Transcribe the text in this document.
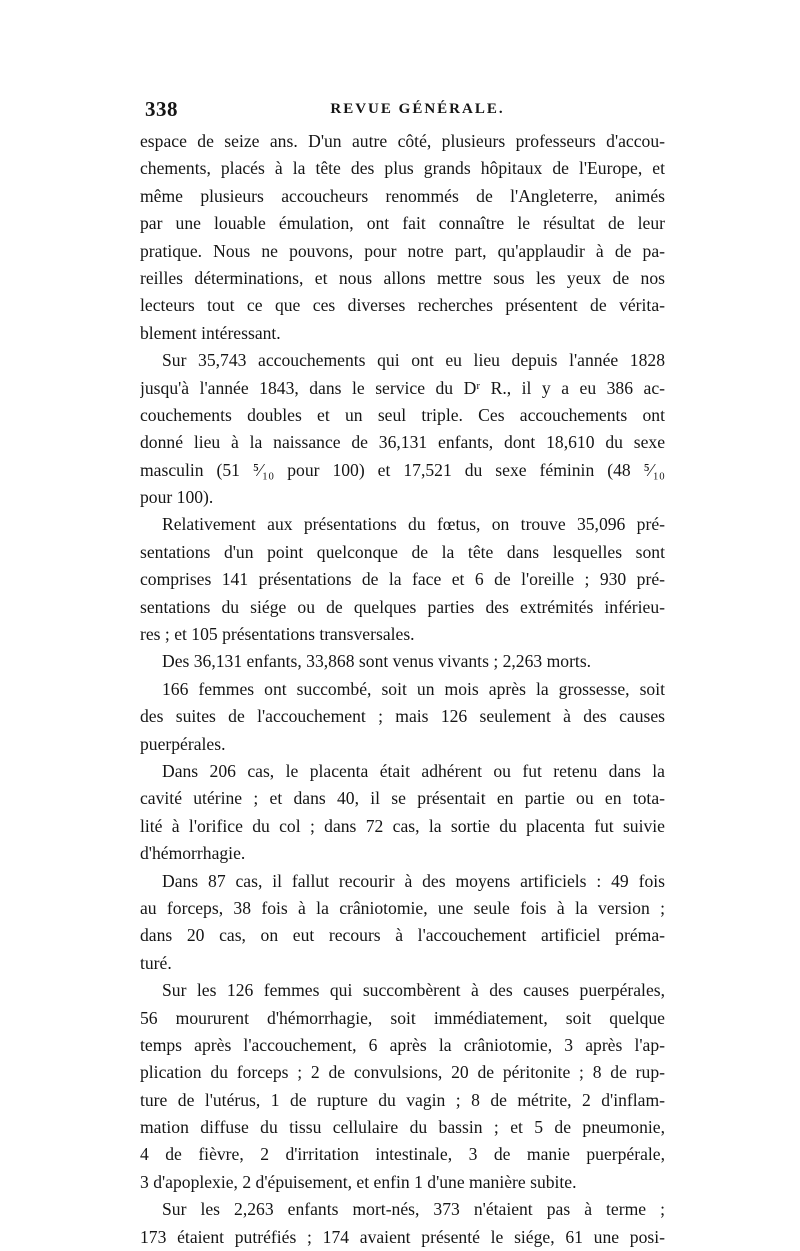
338	REVUE GÉNÉRALE.
espace de seize ans. D'un autre côté, plusieurs professeurs d'accou-
chements, placés à la tête des plus grands hôpitaux de l'Europe, et
même plusieurs accoucheurs renommés de l'Angleterre, animés
par une louable émulation, ont fait connaître le résultat de leur
pratique. Nous ne pouvons, pour notre part, qu'applaudir à de pa-
reilles déterminations, et nous allons mettre sous les yeux de nos
lecteurs tout ce que ces diverses recherches présentent de vérita-
blement intéressant.
Sur 35,743 accouchements qui ont eu lieu depuis l'année 1828
jusqu'à l'année 1843, dans le service du Dʳ R., il y a eu 386 ac-
couchements doubles et un seul triple. Ces accouchements ont
donné lieu à la naissance de 36,131 enfants, dont 18,610 du sexe
masculin (51 ⁵⁄₁₀ pour 100) et 17,521 du sexe féminin (48 ⁵⁄₁₀
pour 100).
Relativement aux présentations du fœtus, on trouve 35,096 pré-
sentations d'un point quelconque de la tête dans lesquelles sont
comprises 141 présentations de la face et 6 de l'oreille ; 930 pré-
sentations du siége ou de quelques parties des extrémités inférieu-
res ; et 105 présentations transversales.
Des 36,131 enfants, 33,868 sont venus vivants ; 2,263 morts.
166 femmes ont succombé, soit un mois après la grossesse, soit
des suites de l'accouchement ; mais 126 seulement à des causes
puerpérales.
Dans 206 cas, le placenta était adhérent ou fut retenu dans la
cavité utérine ; et dans 40, il se présentait en partie ou en tota-
lité à l'orifice du col ; dans 72 cas, la sortie du placenta fut suivie
d'hémorrhagie.
Dans 87 cas, il fallut recourir à des moyens artificiels : 49 fois
au forceps, 38 fois à la crâniotomie, une seule fois à la version ;
dans 20 cas, on eut recours à l'accouchement artificiel préma-
turé.
Sur les 126 femmes qui succombèrent à des causes puerpérales,
56 moururent d'hémorrhagie, soit immédiatement, soit quelque
temps après l'accouchement, 6 après la crâniotomie, 3 après l'ap-
plication du forceps ; 2 de convulsions, 20 de péritonite ; 8 de rup-
ture de l'utérus, 1 de rupture du vagin ; 8 de métrite, 2 d'inflam-
mation diffuse du tissu cellulaire du bassin ; et 5 de pneumonie,
4 de fièvre, 2 d'irritation intestinale, 3 de manie puerpérale,
3 d'apoplexie, 2 d'épuisement, et enfin 1 d'une manière subite.
Sur les 2,263 enfants mort-nés, 373 n'étaient pas à terme ;
173 étaient putréfiés ; 174 avaient présenté le siége, 61 une posi-
